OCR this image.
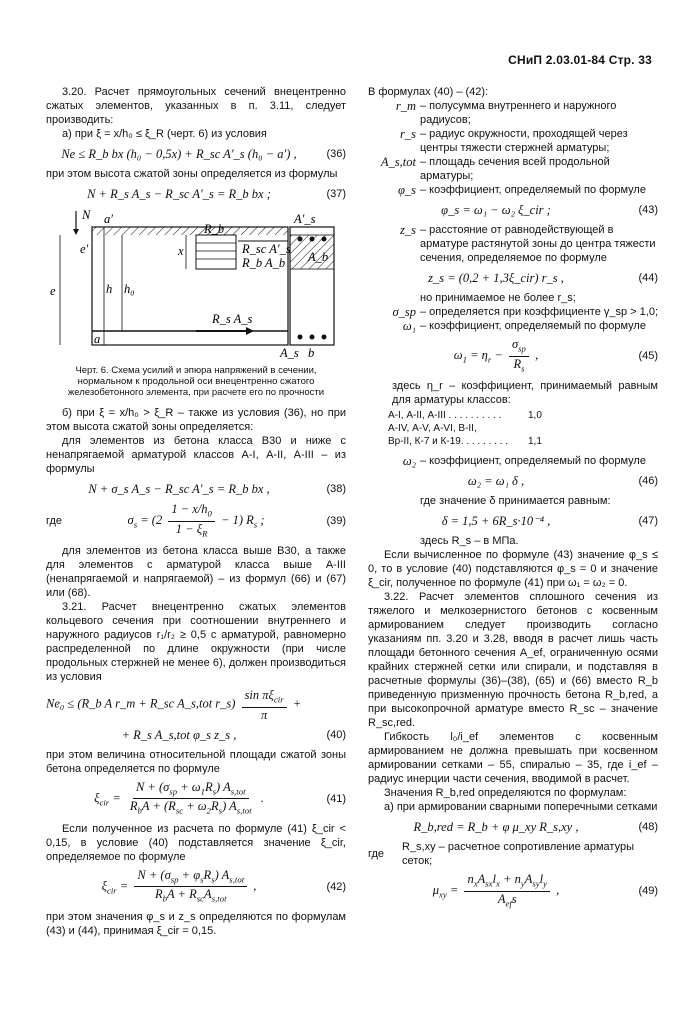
СНиП 2.03.01-84 Стр. 33

3.20. Расчет прямоугольных сечений внецентренно сжатых элементов, указанных в п. 3.11, следует производить:

а) при ξ = x/h₀ ≤ ξ_R (черт. 6) из условия

Ne ≤ R_b bx (h₀ − 0,5x) + R_sc A′_s (h₀ − a′) ,	(36)

при этом высота сжатой зоны определяется из формулы

N + R_s A_s − R_sc A′_s = R_b bx ;	(37)
N
R_b
A′_s
A_b
R_sc A′_s
R_b A_b
x
R_s A_s
A_s b
e	h h₀
e′
a′
a
Черт. 6. Схема усилий и эпюра напряжений в сечении, нормальном к продольной оси внецентренно сжатого железобетонного элемента, при расчете его по прочности

б) при ξ = x/h₀ > ξ_R – также из условия (36), но при этом высота сжатой зоны определяется:

для элементов из бетона класса В30 и ниже с ненапрягаемой арматурой классов А-I, А-II, А-III – из формулы

N + σ_s A_s − R_sc A′_s = R_b bx ,	(38)
где	$\sigma_s = (2 \frac{1 - x/h_0}{1 - \xi_R} - 1)$ $R_s$ ;	(39)

для элементов из бетона класса выше В30, а также для элементов с арматурой класса выше А-III (ненапрягаемой и напрягаемой) – из формул (66) и (67) или (68).

3.21. Расчет внецентренно сжатых элементов кольцевого сечения при соотношении внутреннего и наружного радиусов r₁/r₂ ≥ 0,5 с арматурой, равномерно распределенной по длине окружности (при числе продольных стержней не менее 6), должен производиться из условия

Ne₀ ≤ (R_b A r_m + R_sc A_s,tot r_s) $\frac{\sin \pi\xi_{cir}}{\pi}$ +
+ R_s A_s,tot φ_s z_s ,	(40)

при этом величина относительной площади сжатой зоны бетона определяется по формуле

$\xi_{cir} = \frac{N + (\sigma_{sp} + \omega_1R_s) A_{s,tot}}{R_bA + (R_{sc} + \omega_2R_s) A_{s,tot}}$ .	(41)

Если полученное из расчета по формуле (41) ξ_cir < 0,15, в условие (40) подставляется значение ξ_cir, определяемое по формуле

$\xi_{cir} = \frac{N + (\sigma_{sp} + \varphi_sR_s) A_{s,tot}}{R_bA + R_{sc}A_{s,tot}}$ ,	(42)

при этом значения φ_s и z_s определяются по формулам (43) и (44), принимая ξ_cir = 0,15.

В формулах (40) – (42):

r_m – полусумма внутреннего и наружного радиусов;
r_s – радиус окружности, проходящей через центры тяжести стержней арматуры;
A_s,tot – площадь сечения всей продольной арматуры;
φ_s – коэффициент, определяемый по формуле
φ_s = ω₁ − ω₂ ξ_cir ;	(43)
z_s – расстояние от равнодействующей в арматуре растянутой зоны до центра тяжести сечения, определяемое по формуле
z_s = (0,2 + 1,3ξ_cir) r_s ,	(44)

но принимаемое не более r_s;

σ_sp – определяется при коэффициенте γ_sp > 1,0;
ω₁ – коэффициент, определяемый по формуле
$\omega_1 = \eta_r - \frac{\sigma_{sp}}{R_s}$ ,	(45)

здесь η_r – коэффициент, принимаемый равным для арматуры классов:

А-I, А-II, А-III . . . . . . . . . .	1,0
А-IV, А-V, А-VI, В-II,
Вр-II, К-7 и К-19. . . . . . . . .	1,1
ω₂ – коэффициент, определяемый по формуле
ω₂ = ω₁ δ ,	(46)

где значение δ принимается равным:

δ = 1,5 + 6R_s·10⁻⁴ ,	(47)

здесь R_s – в МПа.

Если вычисленное по формуле (43) значение φ_s ≤ 0, то в условие (40) подставляются φ_s = 0 и значение ξ_cir, полученное по формуле (41) при ω₁ = ω₂ = 0.

3.22. Расчет элементов сплошного сечения из тяжелого и мелкозернистого бетонов с косвенным армированием следует производить согласно указаниям пп. 3.20 и 3.28, вводя в расчет лишь часть площади бетонного сечения A_ef, ограниченную осями крайних стержней сетки или спирали, и подставляя в расчетные формулы (36)–(38), (65) и (66) вместо R_b приведенную призменную прочность бетона R_b,red, а при высокопрочной арматуре вместо R_sc – значение R_sc,red.

Гибкость l₀/i_ef элементов с косвенным армированием не должна превышать при косвенном армировании сетками – 55, спиралью – 35, где i_ef – радиус инерции части сечения, вводимой в расчет.

Значения R_b,red определяются по формулам:

а) при армировании сварными поперечными сетками

R_b,red = R_b + φ μ_xy R_s,xy ,	(48)
где
R_s,xy – расчетное сопротивление арматуры сеток;
$\mu_{xy} = \frac{n_xA_{sx}l_x + n_yA_{sy}l_y}{A_{ef}s}$ ,	(49)
